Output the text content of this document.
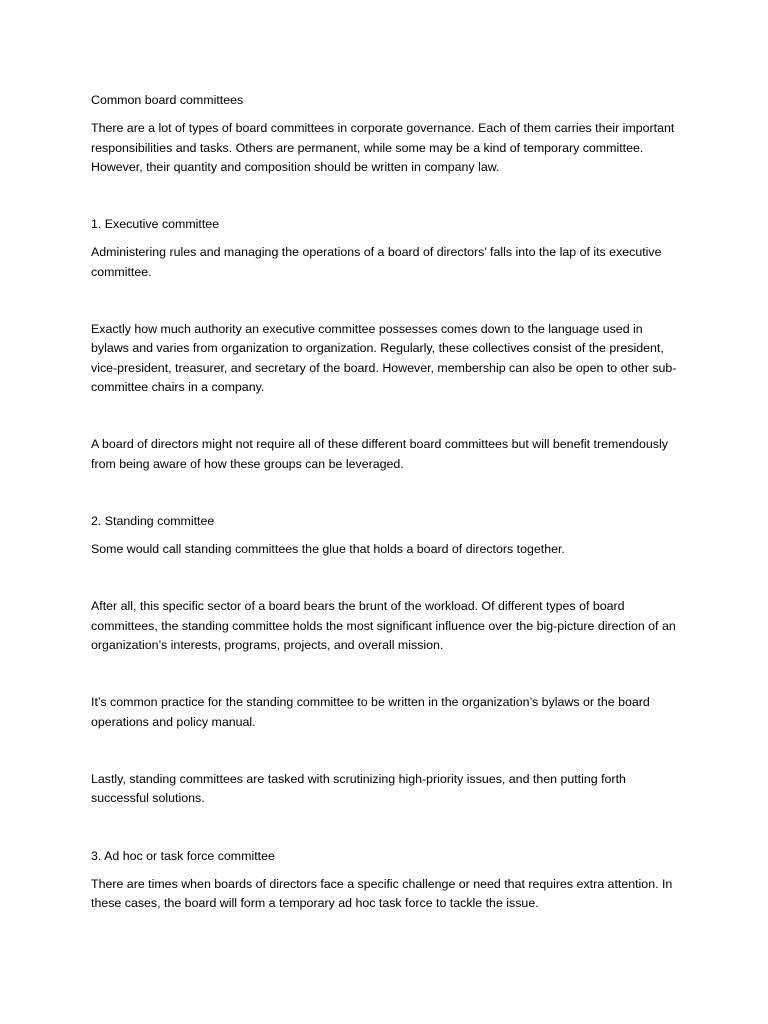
Common board committees

There are a lot of types of board committees in corporate governance. Each of them carries their important responsibilities and tasks. Others are permanent, while some may be a kind of temporary committee. However, their quantity and composition should be written in company law.

1. Executive committee

Administering rules and managing the operations of a board of directors’ falls into the lap of its executive committee.

Exactly how much authority an executive committee possesses comes down to the language used in bylaws and varies from organization to organization. Regularly, these collectives consist of the president, vice-president, treasurer, and secretary of the board. However, membership can also be open to other sub-committee chairs in a company.

A board of directors might not require all of these different board committees but will benefit tremendously from being aware of how these groups can be leveraged.

2. Standing committee

Some would call standing committees the glue that holds a board of directors together.

After all, this specific sector of a board bears the brunt of the workload. Of different types of board committees, the standing committee holds the most significant influence over the big-picture direction of an organization’s interests, programs, projects, and overall mission.

It’s common practice for the standing committee to be written in the organization’s bylaws or the board operations and policy manual.

Lastly, standing committees are tasked with scrutinizing high-priority issues, and then putting forth successful solutions.

3. Ad hoc or task force committee

There are times when boards of directors face a specific challenge or need that requires extra attention. In these cases, the board will form a temporary ad hoc task force to tackle the issue.
